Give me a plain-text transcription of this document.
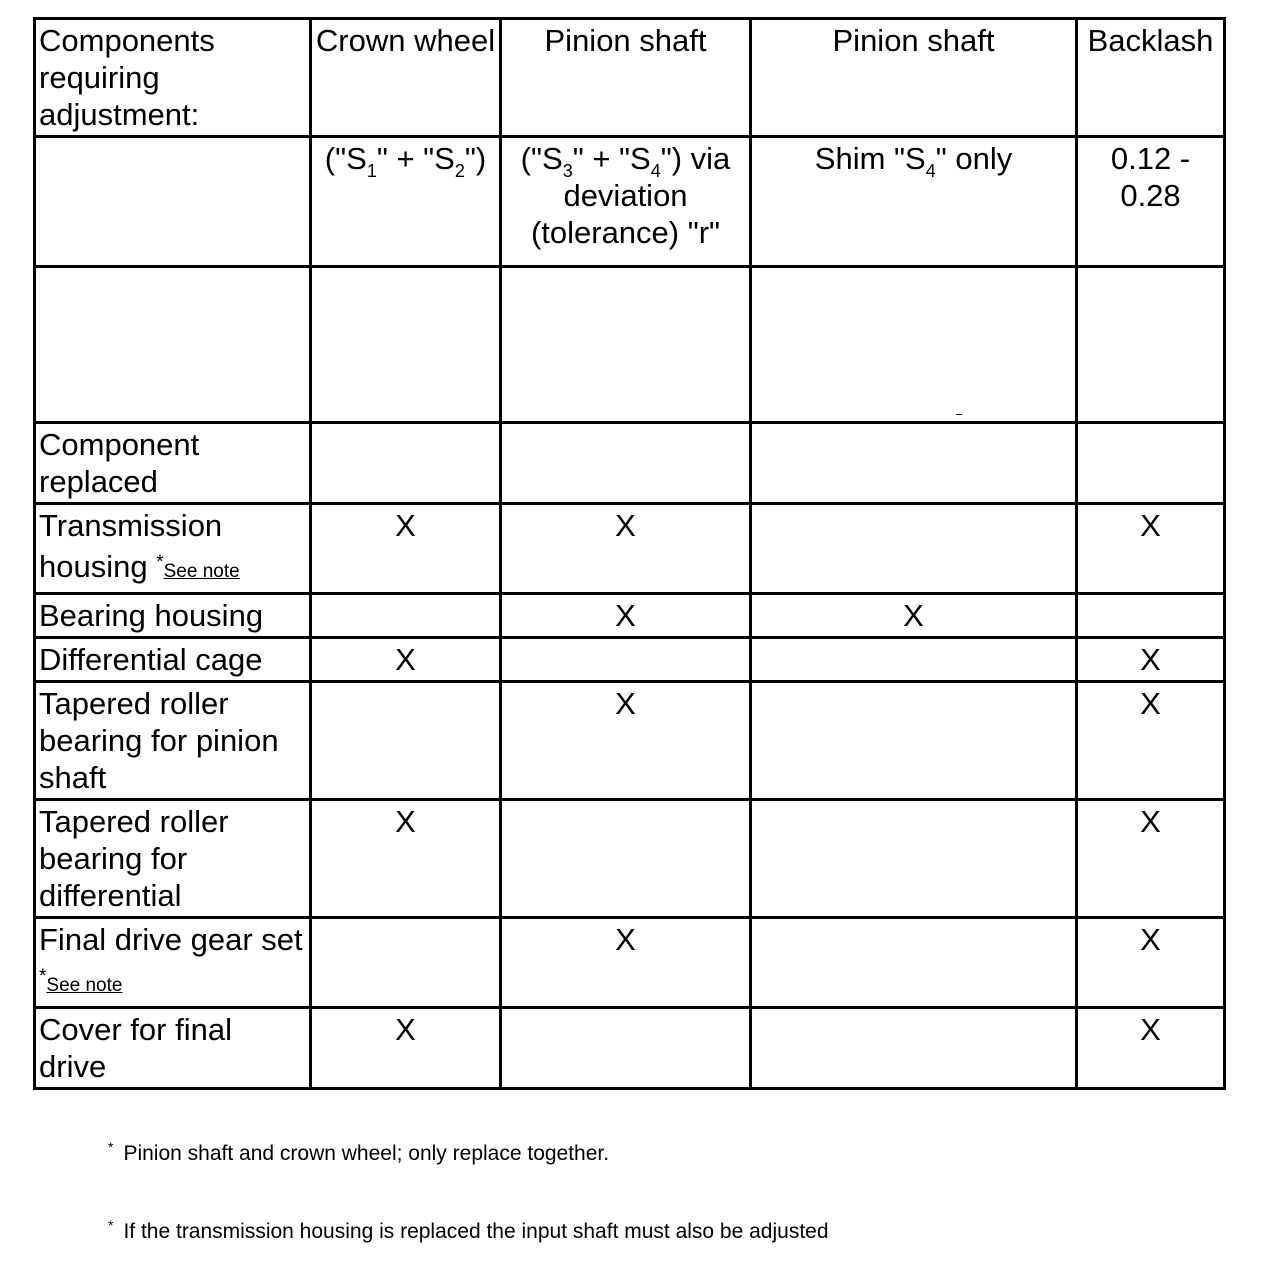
Components requiring adjustment:	Crown wheel	Pinion shaft	Pinion shaft	Backlash
	("$S_1$" + "$S_2$")	("$S_3$" + "$S_4$") via deviation (tolerance) "r"	Shim "$S_4$" only	0.12 - 0.28

Component replaced				
Transmission housing *See note	X	X		X
Bearing housing		X	X	
Differential cage	X			X
Tapered roller bearing for pinion shaft		X		X
Tapered roller bearing for differential	X			X
Final drive gear set *See note		X		X
Cover for final drive	X			X
* Pinion shaft and crown wheel; only replace together.
* If the transmission housing is replaced the input shaft must also be adjusted
